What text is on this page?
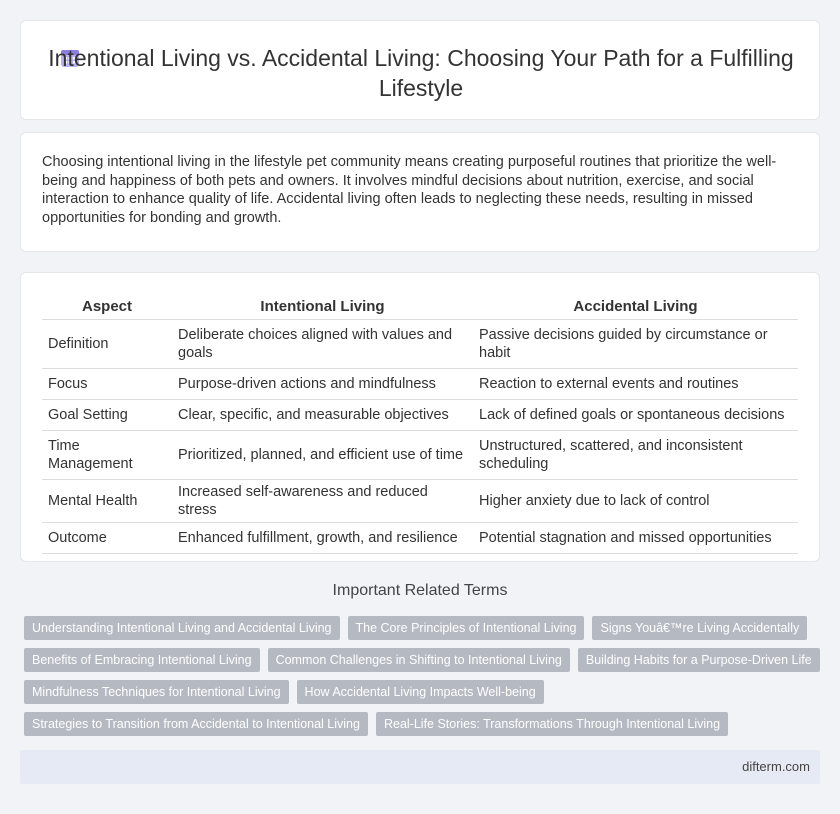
Intentional Living vs. Accidental Living: Choosing Your Path for a Fulfilling Lifestyle

Choosing intentional living in the lifestyle pet community means creating purposeful routines that prioritize the well-being and happiness of both pets and owners. It involves mindful decisions about nutrition, exercise, and social interaction to enhance quality of life. Accidental living often leads to neglecting these needs, resulting in missed opportunities for bonding and growth.

Aspect	Intentional Living	Accidental Living
Definition	Deliberate choices aligned with values and goals	Passive decisions guided by circumstance or habit
Focus	Purpose-driven actions and mindfulness	Reaction to external events and routines
Goal Setting	Clear, specific, and measurable objectives	Lack of defined goals or spontaneous decisions
Time Management	Prioritized, planned, and efficient use of time	Unstructured, scattered, and inconsistent scheduling
Mental Health	Increased self-awareness and reduced stress	Higher anxiety due to lack of control
Outcome	Enhanced fulfillment, growth, and resilience	Potential stagnation and missed opportunities
Important Related Terms
Understanding Intentional Living and Accidental Living	The Core Principles of Intentional Living	Signs Youâ€™re Living Accidentally
Benefits of Embracing Intentional Living	Common Challenges in Shifting to Intentional Living	Building Habits for a Purpose-Driven Life
Mindfulness Techniques for Intentional Living	How Accidental Living Impacts Well-being
Strategies to Transition from Accidental to Intentional Living	Real-Life Stories: Transformations Through Intentional Living
difterm.com
